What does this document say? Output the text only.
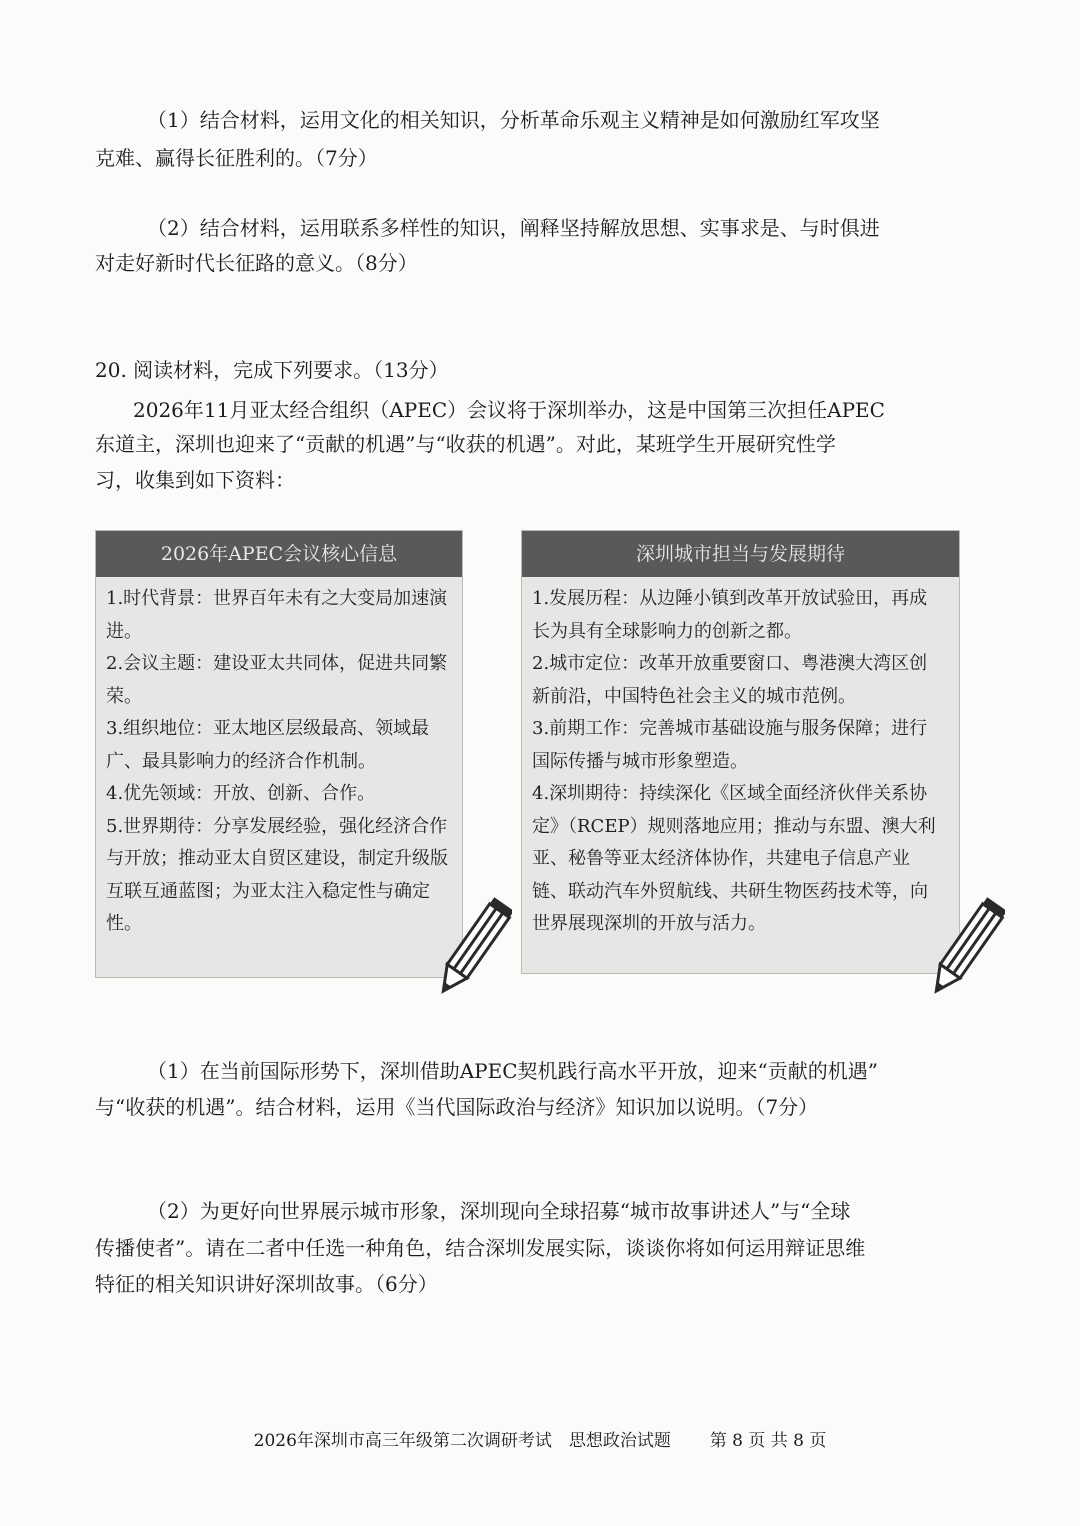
（1）结合材料，运用文化的相关知识，分析革命乐观主义精神是如何激励红军攻坚
克难、赢得长征胜利的。（7分）
（2）结合材料，运用联系多样性的知识，阐释坚持解放思想、实事求是、与时俱进
对走好新时代长征路的意义。（8分）
20. 阅读材料，完成下列要求。（13分）
2026年11月亚太经合组织（APEC）会议将于深圳举办，这是中国第三次担任APEC
东道主，深圳也迎来了“贡献的机遇”与“收获的机遇”。对此，某班学生开展研究性学
习，收集到如下资料：
2026年APEC会议核心信息
1.时代背景：世界百年未有之大变局加速演进。
2.会议主题：建设亚太共同体，促进共同繁荣。
3.组织地位：亚太地区层级最高、领域最广、最具影响力的经济合作机制。
4.优先领域：开放、创新、合作。
5.世界期待：分享发展经验，强化经济合作与开放；推动亚太自贸区建设，制定升级版互联互通蓝图；为亚太注入稳定性与确定性。
深圳城市担当与发展期待
1.发展历程：从边陲小镇到改革开放试验田，再成长为具有全球影响力的创新之都。
2.城市定位：改革开放重要窗口、粤港澳大湾区创新前沿，中国特色社会主义的城市范例。
3.前期工作：完善城市基础设施与服务保障；进行国际传播与城市形象塑造。
4.深圳期待：持续深化《区域全面经济伙伴关系协定》（RCEP）规则落地应用；推动与东盟、澳大利亚、秘鲁等亚太经济体协作，共建电子信息产业链、联动汽车外贸航线、共研生物医药技术等，向世界展现深圳的开放与活力。
（1）在当前国际形势下，深圳借助APEC契机践行高水平开放，迎来“贡献的机遇”
与“收获的机遇”。结合材料，运用《当代国际政治与经济》知识加以说明。（7分）
（2）为更好向世界展示城市形象，深圳现向全球招募“城市故事讲述人”与“全球
传播使者”。请在二者中任选一种角色，结合深圳发展实际，谈谈你将如何运用辩证思维
特征的相关知识讲好深圳故事。（6分）
2026年深圳市高三年级第二次调研考试　思想政治试题 第 8 页 共 8 页
